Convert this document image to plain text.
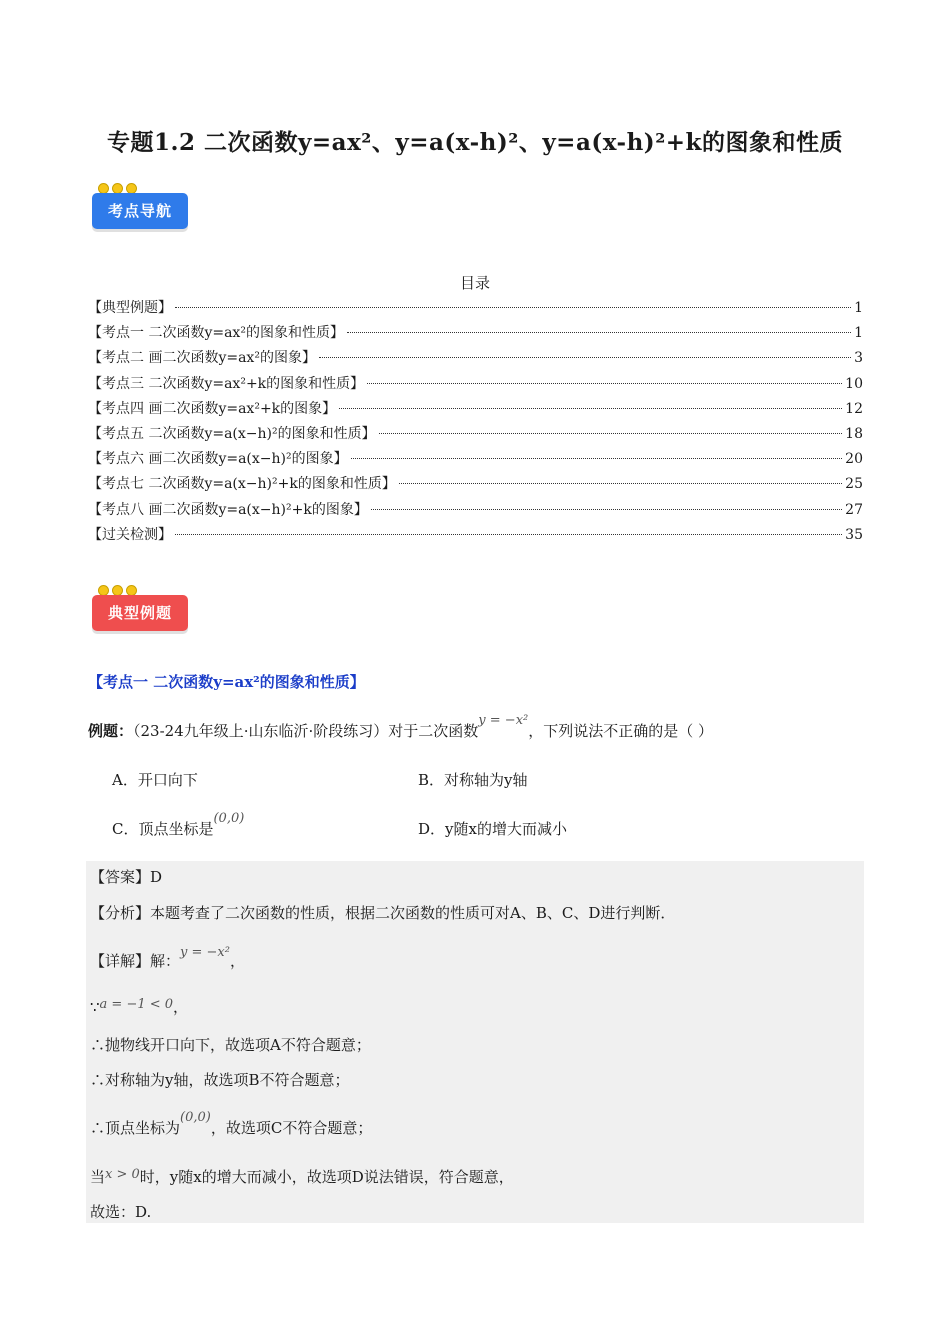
专题1.2 二次函数y=ax²、y=a(x-h)²、y=a(x-h)²+k的图象和性质
考点导航
目录
【典型例题】	1
【考点一 二次函数y=ax²的图象和性质】	1
【考点二 画二次函数y=ax²的图象】	3
【考点三 二次函数y=ax²+k的图象和性质】	10
【考点四 画二次函数y=ax²+k的图象】	12
【考点五 二次函数y=a(x−h)²的图象和性质】	18
【考点六 画二次函数y=a(x−h)²的图象】	20
【考点七 二次函数y=a(x−h)²+k的图象和性质】	25
【考点八 画二次函数y=a(x−h)²+k的图象】	27
【过关检测】	35
典型例题
【考点一 二次函数y=ax²的图象和性质】
例题：（23-24九年级上·山东临沂·阶段练习）对于二次函数y = −x²，下列说法不正确的是（ ）
A．开口向下	B．对称轴为y轴
C．顶点坐标是(0,0)
D．y随x的增大而减小
【答案】D
【分析】本题考查了二次函数的性质，根据二次函数的性质可对A、B、C、D进行判断．
【详解】解：y = −x²，
∵a = −1 < 0，
∴抛物线开口向下，故选项A不符合题意；
∴对称轴为y轴，故选项B不符合题意；
∴顶点坐标为(0,0)，故选项C不符合题意；
当x > 0时，y随x的增大而减小，故选项D说法错误，符合题意，
故选：D.
